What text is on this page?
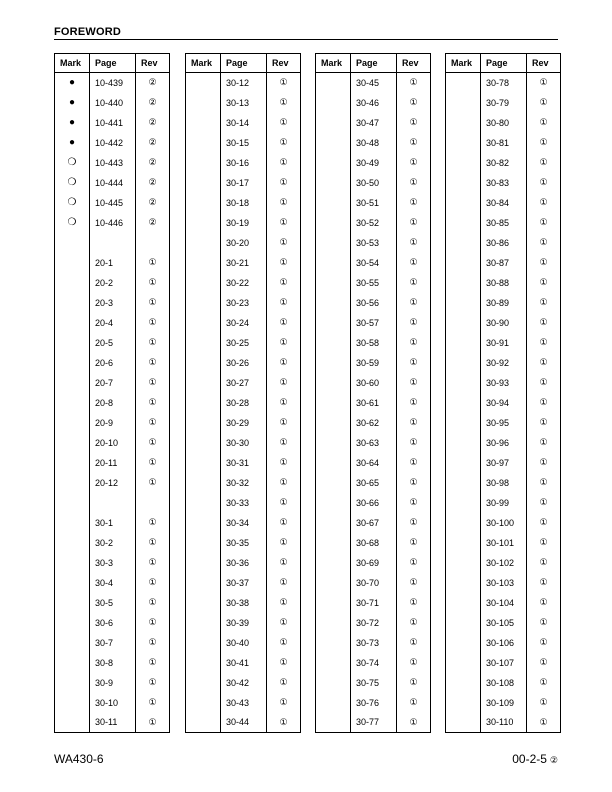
FOREWORD
Mark	Page	Rev
●	10-439	②
●	10-440	②
●	10-441	②
●	10-442	②
❍	10-443	②
❍	10-444	②
❍	10-445	②
❍	10-446	②

	20-1	①
	20-2	①
	20-3	①
	20-4	①
	20-5	①
	20-6	①
	20-7	①
	20-8	①
	20-9	①
	20-10	①
	20-11	①
	20-12	①

	30-1	①
	30-2	①
	30-3	①
	30-4	①
	30-5	①
	30-6	①
	30-7	①
	30-8	①
	30-9	①
	30-10	①
	30-11	①
Mark	Page	Rev
	30-12	①
	30-13	①
	30-14	①
	30-15	①
	30-16	①
	30-17	①
	30-18	①
	30-19	①
	30-20	①
	30-21	①
	30-22	①
	30-23	①
	30-24	①
	30-25	①
	30-26	①
	30-27	①
	30-28	①
	30-29	①
	30-30	①
	30-31	①
	30-32	①
	30-33	①
	30-34	①
	30-35	①
	30-36	①
	30-37	①
	30-38	①
	30-39	①
	30-40	①
	30-41	①
	30-42	①
	30-43	①
	30-44	①
Mark	Page	Rev
	30-45	①
	30-46	①
	30-47	①
	30-48	①
	30-49	①
	30-50	①
	30-51	①
	30-52	①
	30-53	①
	30-54	①
	30-55	①
	30-56	①
	30-57	①
	30-58	①
	30-59	①
	30-60	①
	30-61	①
	30-62	①
	30-63	①
	30-64	①
	30-65	①
	30-66	①
	30-67	①
	30-68	①
	30-69	①
	30-70	①
	30-71	①
	30-72	①
	30-73	①
	30-74	①
	30-75	①
	30-76	①
	30-77	①
Mark	Page	Rev
	30-78	①
	30-79	①
	30-80	①
	30-81	①
	30-82	①
	30-83	①
	30-84	①
	30-85	①
	30-86	①
	30-87	①
	30-88	①
	30-89	①
	30-90	①
	30-91	①
	30-92	①
	30-93	①
	30-94	①
	30-95	①
	30-96	①
	30-97	①
	30-98	①
	30-99	①
	30-100	①
	30-101	①
	30-102	①
	30-103	①
	30-104	①
	30-105	①
	30-106	①
	30-107	①
	30-108	①
	30-109	①
	30-110	①
WA430-6	00-2-5 ②
